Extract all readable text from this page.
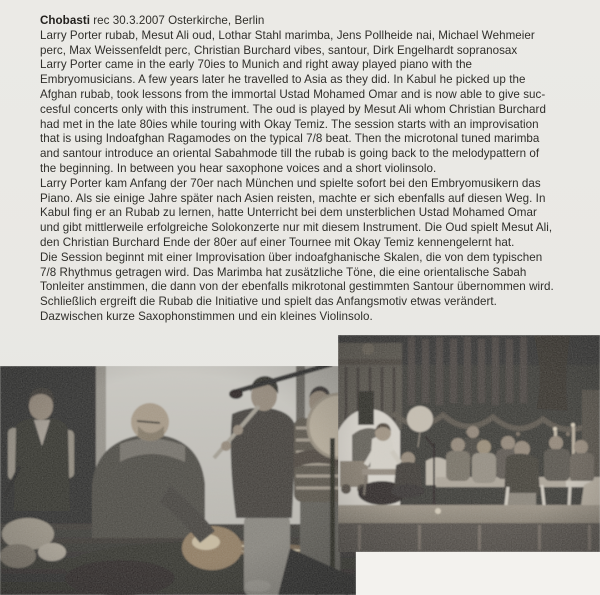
Chobasti rec 30.3.2007 Osterkirche, Berlin
Larry Porter rubab, Mesut Ali oud, Lothar Stahl marimba, Jens Pollheide nai, Michael Wehmeier
perc, Max Weissenfeldt perc, Christian Burchard vibes, santour, Dirk Engelhardt sopranosax
Larry Porter came in the early 70ies to Munich and right away played piano with the
Embryomusicians. A few years later he travelled to Asia as they did. In Kabul he picked up the
Afghan rubab, took lessons from the immortal Ustad Mohamed Omar and is now able to give suc-
cesful concerts only with this instrument. The oud is played by Mesut Ali whom Christian Burchard
had met in the late 80ies while touring with Okay Temiz. The session starts with an improvisation
that is using Indoafghan Ragamodes on the typical 7/8 beat. Then the microtonal tuned marimba
and santour introduce an oriental Sabahmode till the rubab is going back to the melodypattern of
the beginning. In between you hear saxophone voices and a short violinsolo.
Larry Porter kam Anfang der 70er nach München und spielte sofort bei den Embryomusikern das
Piano. Als sie einige Jahre später nach Asien reisten, machte er sich ebenfalls auf diesen Weg. In
Kabul fing er an Rubab zu lernen, hatte Unterricht bei dem unsterblichen Ustad Mohamed Omar
und gibt mittlerweile erfolgreiche Solokonzerte nur mit diesem Instrument. Die Oud spielt Mesut Ali,
den Christian Burchard Ende der 80er auf einer Tournee mit Okay Temiz kennengelernt hat.
Die Session beginnt mit einer Improvisation über indoafghanische Skalen, die von dem typischen
7/8 Rhythmus getragen wird. Das Marimba hat zusätzliche Töne, die eine orientalische Sabah
Tonleiter anstimmen, die dann von der ebenfalls mikrotonal gestimmten Santour übernommen wird.
Schließlich ergreift die Rubab die Initiative und spielt das Anfangsmotiv etwas verändert.
Dazwischen kurze Saxophonstimmen und ein kleines Violinsolo.
